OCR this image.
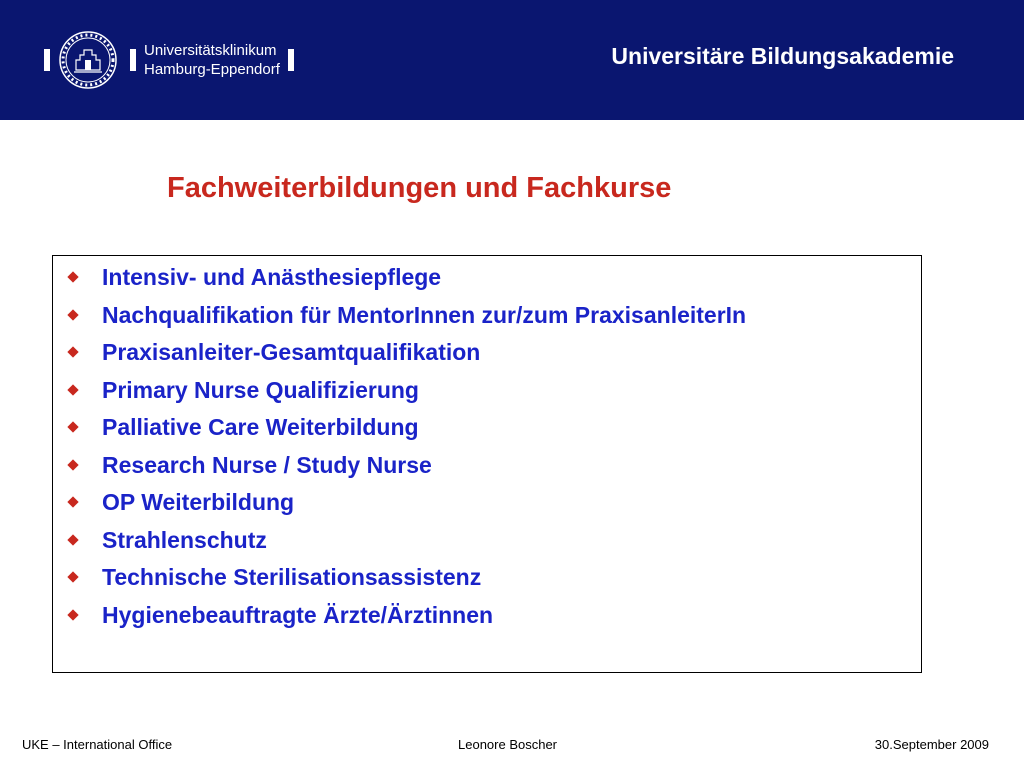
Universitätsklinikum
Hamburg-Eppendorf
Universitäre Bildungsakademie
Fachweiterbildungen und Fachkurse
Intensiv- und Anästhesiepflege
Nachqualifikation für MentorInnen zur/zum PraxisanleiterIn
Praxisanleiter-Gesamtqualifikation
Primary Nurse Qualifizierung
Palliative Care Weiterbildung
Research Nurse / Study Nurse
OP Weiterbildung
Strahlenschutz
Technische Sterilisationsassistenz
Hygienebeauftragte Ärzte/Ärztinnen
UKE – International Office	Leonore Boscher	30.September 2009
